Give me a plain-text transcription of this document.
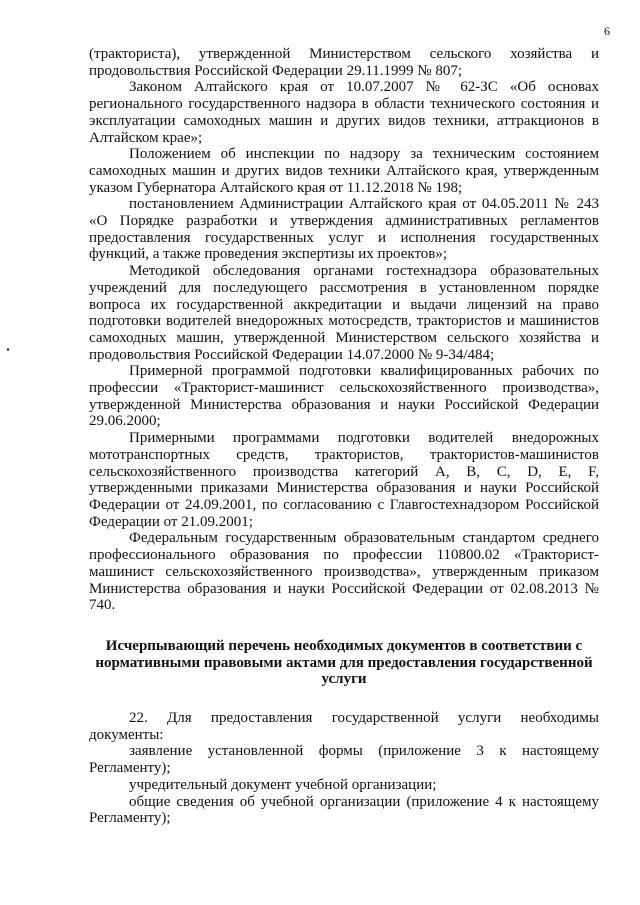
6

(тракториста), утвержденной Министерством сельского хозяйства и продовольствия Российской Федерации 29.11.1999 № 807;

Законом Алтайского края от 10.07.2007 № 62-ЗС «Об основах регионального государственного надзора в области технического состояния и эксплуатации самоходных машин и других видов техники, аттракционов в Алтайском крае»;

Положением об инспекции по надзору за техническим состоянием самоходных машин и других видов техники Алтайского края, утвержденным указом Губернатора Алтайского края от 11.12.2018 № 198;

постановлением Администрации Алтайского края от 04.05.2011 № 243 «О Порядке разработки и утверждения административных регламентов предоставления государственных услуг и исполнения государственных функций, а также проведения экспертизы их проектов»;

Методикой обследования органами гостехнадзора образовательных учреждений для последующего рассмотрения в установленном порядке вопроса их государственной аккредитации и выдачи лицензий на право подготовки водителей внедорожных мотосредств, трактористов и машинистов самоходных машин, утвержденной Министерством сельского хозяйства и продовольствия Российской Федерации 14.07.2000 № 9-34/484;

Примерной программой подготовки квалифицированных рабочих по профессии «Тракторист-машинист сельскохозяйственного производства», утвержденной Министерства образования и науки Российской Федерации 29.06.2000;

Примерными программами подготовки водителей внедорожных мототранспортных средств, трактористов, трактористов-машинистов сельскохозяйственного производства категорий A, B, C, D, E, F, утвержденными приказами Министерства образования и науки Российской Федерации от 24.09.2001, по согласованию с Главгостехнадзором Российской Федерации от 21.09.2001;

Федеральным государственным образовательным стандартом среднего профессионального образования по профессии 110800.02 «Тракторист-машинист сельскохозяйственного производства», утвержденным приказом Министерства образования и науки Российской Федерации от 02.08.2013 № 740.

Исчерпывающий перечень необходимых документов в соответствии с нормативными правовыми актами для предоставления государственной услуги

22. Для предоставления государственной услуги необходимы документы:

заявление установленной формы (приложение 3 к настоящему Регламенту);

учредительный документ учебной организации;

общие сведения об учебной организации (приложение 4 к настоящему Регламенту);
